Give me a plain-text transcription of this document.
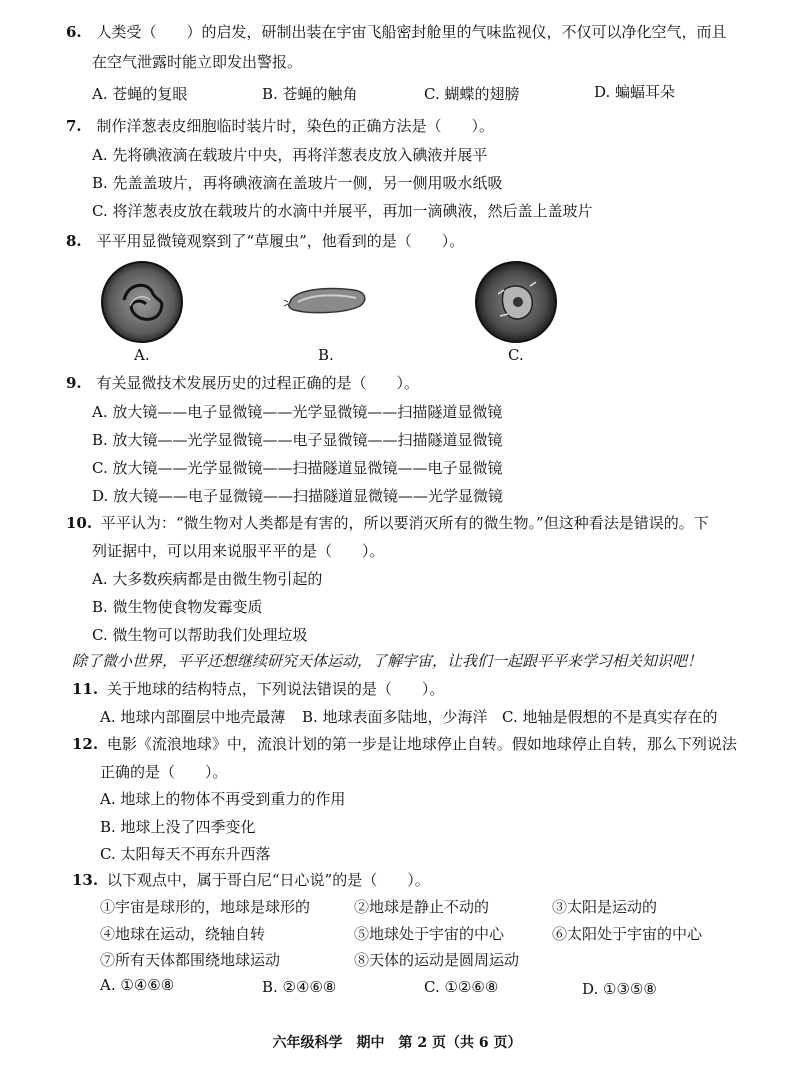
6. 人类受（　　）的启发，研制出装在宇宙飞船密封舱里的气味监视仪，不仅可以净化空气，而且
在空气泄露时能立即发出警报。
A. 苍蝇的复眼	B. 苍蝇的触角	C. 蝴蝶的翅膀	D. 蝙蝠耳朵
7. 制作洋葱表皮细胞临时装片时，染色的正确方法是（　　）。
A. 先将碘液滴在载玻片中央，再将洋葱表皮放入碘液并展平
B. 先盖盖玻片，再将碘液滴在盖玻片一侧，另一侧用吸水纸吸
C. 将洋葱表皮放在载玻片的水滴中并展平，再加一滴碘液，然后盖上盖玻片
8. 平平用显微镜观察到了“草履虫”，他看到的是（　　）。
A.	B.	C.
9. 有关显微技术发展历史的过程正确的是（　　）。
A. 放大镜——电子显微镜——光学显微镜——扫描隧道显微镜
B. 放大镜——光学显微镜——电子显微镜——扫描隧道显微镜
C. 放大镜——光学显微镜——扫描隧道显微镜——电子显微镜
D. 放大镜——电子显微镜——扫描隧道显微镜——光学显微镜
10. 平平认为：“微生物对人类都是有害的，所以要消灭所有的微生物。”但这种看法是错误的。下
列证据中，可以用来说服平平的是（　　）。
A. 大多数疾病都是由微生物引起的
B. 微生物使食物发霉变质
C. 微生物可以帮助我们处理垃圾
除了微小世界，平平还想继续研究天体运动，了解宇宙，让我们一起跟平平来学习相关知识吧！
11. 关于地球的结构特点，下列说法错误的是（　　）。
A. 地球内部圈层中地壳最薄 B. 地球表面多陆地，少海洋 C. 地轴是假想的不是真实存在的
12. 电影《流浪地球》中，流浪计划的第一步是让地球停止自转。假如地球停止自转，那么下列说法
正确的是（　　）。
A. 地球上的物体不再受到重力的作用
B. 地球上没了四季变化
C. 太阳每天不再东升西落
13. 以下观点中，属于哥白尼“日心说”的是（　　）。
①宇宙是球形的，地球是球形的	②地球是静止不动的	③太阳是运动的
④地球在运动，绕轴自转	⑤地球处于宇宙的中心	⑥太阳处于宇宙的中心
⑦所有天体都围绕地球运动	⑧天体的运动是圆周运动
A. ①④⑥⑧	B. ②④⑥⑧	C. ①②⑥⑧	D. ①③⑤⑧
六年级科学　期中　第 2 页（共 6 页）
